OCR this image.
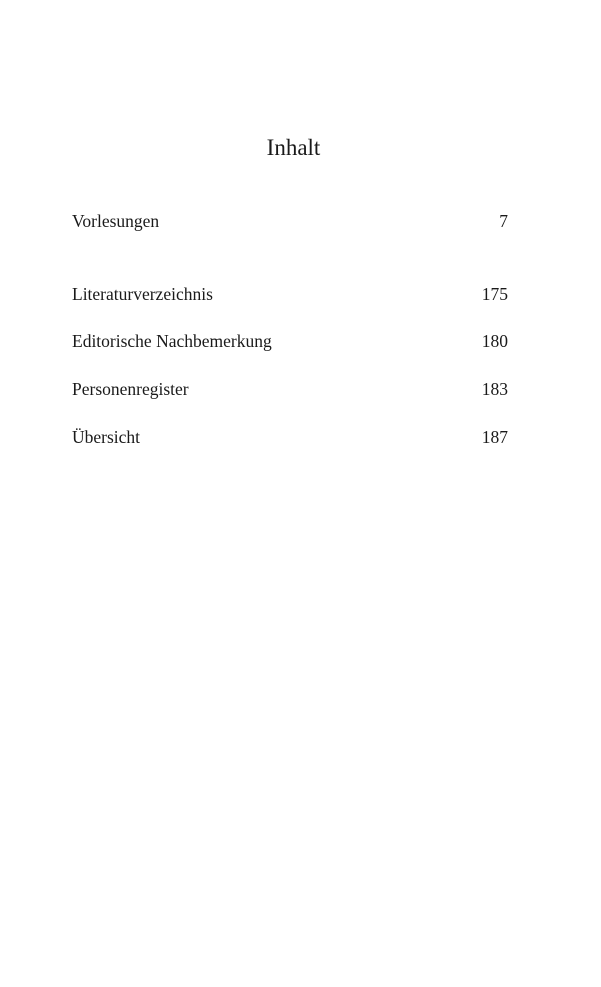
Inhalt
Vorlesungen	7
Literaturverzeichnis	175
Editorische Nachbemerkung	180
Personenregister	183
Übersicht	187
